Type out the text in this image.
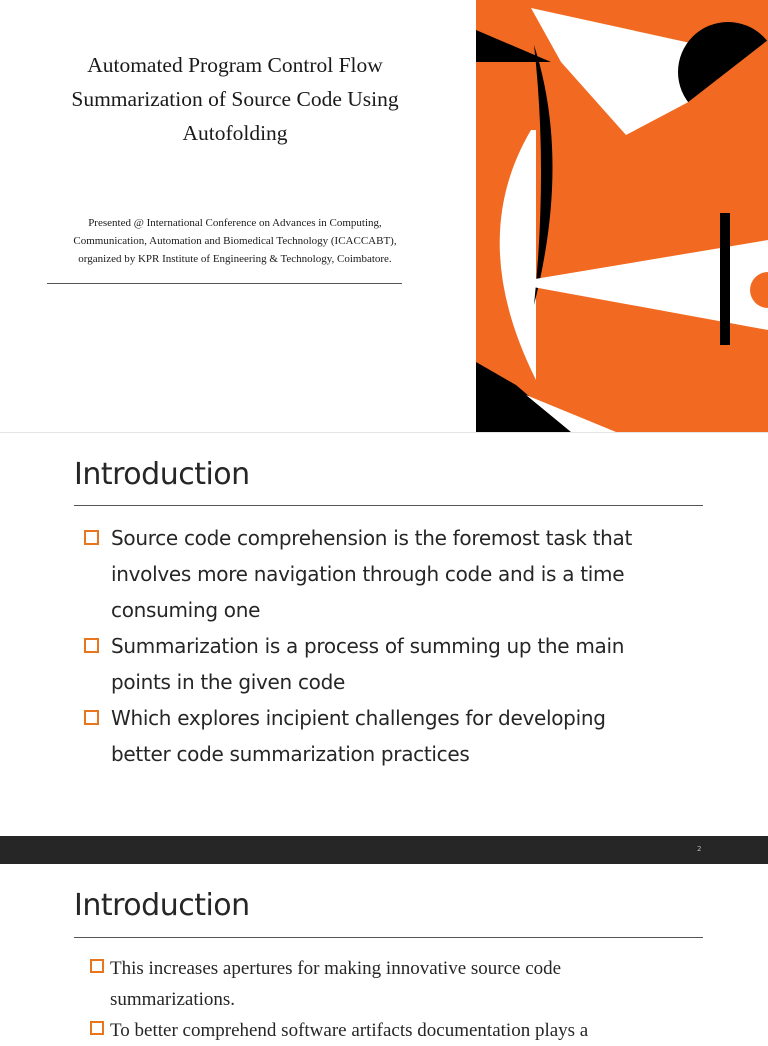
Automated Program Control Flow
Summarization of Source Code Using
Autofolding

Presented @ International Conference on Advances in Computing,
Communication, Automation and Biomedical Technology (ICACCABT),
organized by KPR Institute of Engineering & Technology, Coimbatore.

Introduction
Source code comprehension is the foremost task that
involves more navigation through code and is a time
consuming one
Summarization is a process of summing up the main
points in the given code
Which explores incipient challenges for developing
better code summarization practices
2
Introduction
This increases apertures for making innovative source code
summarizations.
To better comprehend software artifacts documentation plays a
